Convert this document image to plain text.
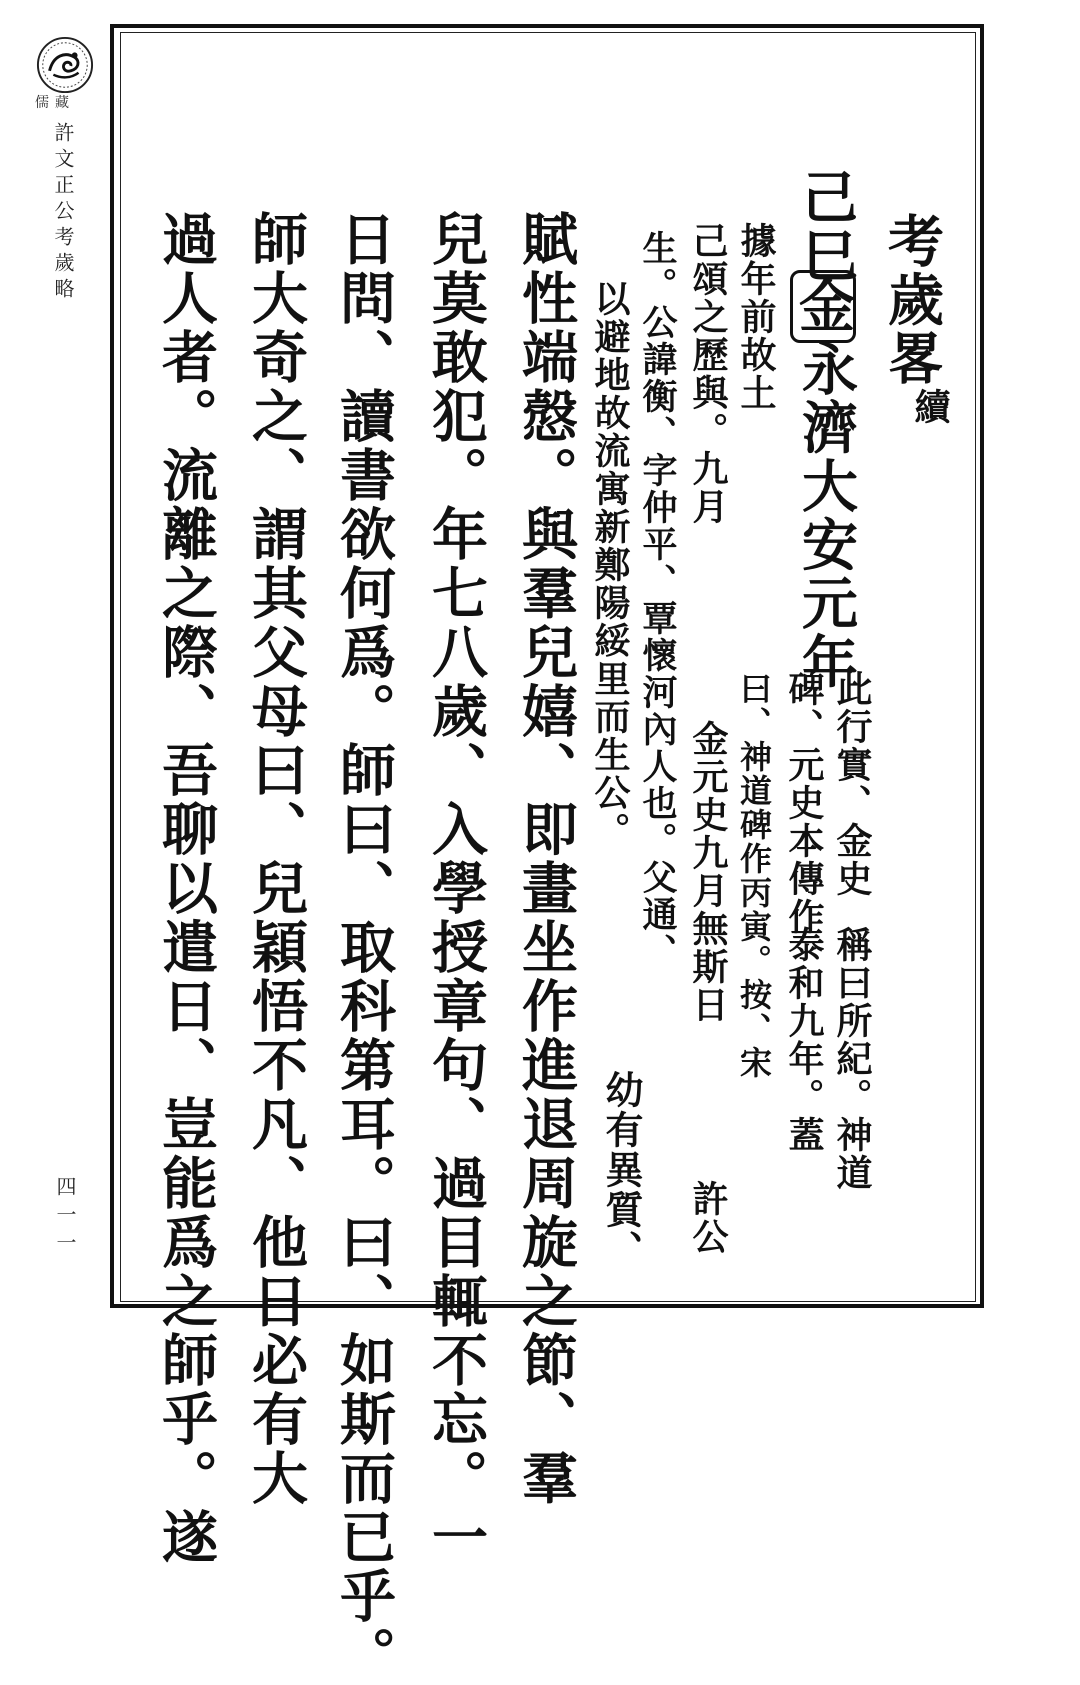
儒藏
許文正公考歲略
四一一
考歲畧
續
己巳
金
永濟大安元年
此行實、金史
稱曰所紀。神道
碑、元史本傳作
泰和九年。蓋
據年前故土
曰、神道碑作丙寅。按、宋
己頌之歷與。九月
金元史九月無斯日
許公
生。公諱衡、字仲平、覃懷河內人也。父通、
以避地故流寓新鄭陽綏里而生公。
幼有異質、
賦性端慤。與羣兒嬉、即畫坐作進退周旋之節、羣
兒莫敢犯。年七八歲、入學授章句、過目輒不忘。一
日問、讀書欲何爲。師曰、取科第耳。曰、如斯而已乎。
師大奇之、謂其父母曰、兒穎悟不凡、他日必有大
過人者。流離之際、吾聊以遣日、豈能爲之師乎。遂
